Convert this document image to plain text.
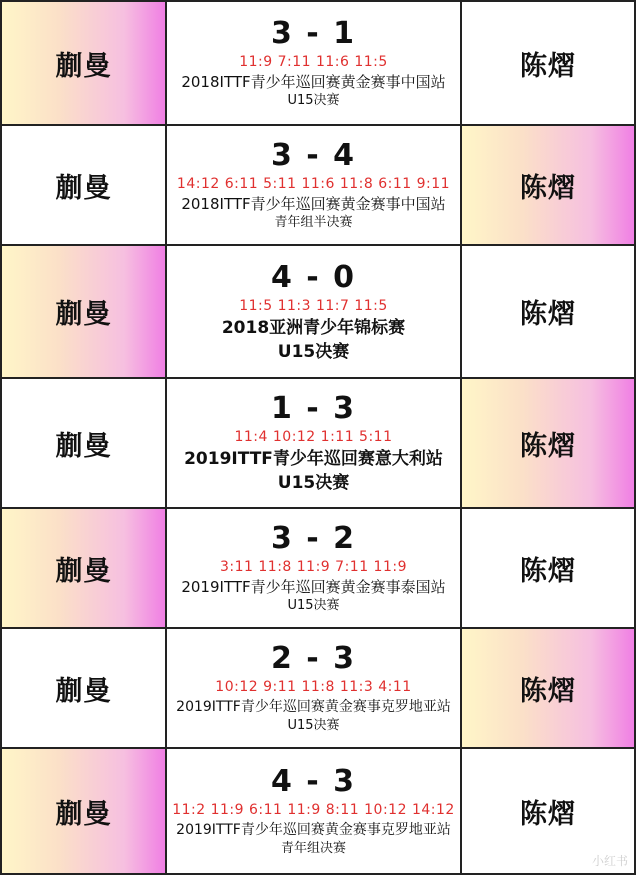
蒯曼
3 - 1
11:9 7:11 11:6 11:5
2018ITTF青少年巡回赛黄金赛事中国站
U15决赛
陈熠
蒯曼
3 - 4
14:12 6:11 5:11 11:6 11:8 6:11 9:11
2018ITTF青少年巡回赛黄金赛事中国站
青年组半决赛
陈熠
蒯曼
4 - 0
11:5 11:3 11:7 11:5
2018亚洲青少年锦标赛
U15决赛
陈熠
蒯曼
1 - 3
11:4 10:12 1:11 5:11
2019ITTF青少年巡回赛意大利站
U15决赛
陈熠
蒯曼
3 - 2
3:11 11:8 11:9 7:11 11:9
2019ITTF青少年巡回赛黄金赛事泰国站
U15决赛
陈熠
蒯曼
2 - 3
10:12 9:11 11:8 11:3 4:11
2019ITTF青少年巡回赛黄金赛事克罗地亚站
U15决赛
陈熠
蒯曼
4 - 3
11:2 11:9 6:11 11:9 8:11 10:12 14:12
2019ITTF青少年巡回赛黄金赛事克罗地亚站
青年组决赛
陈熠
小红书
